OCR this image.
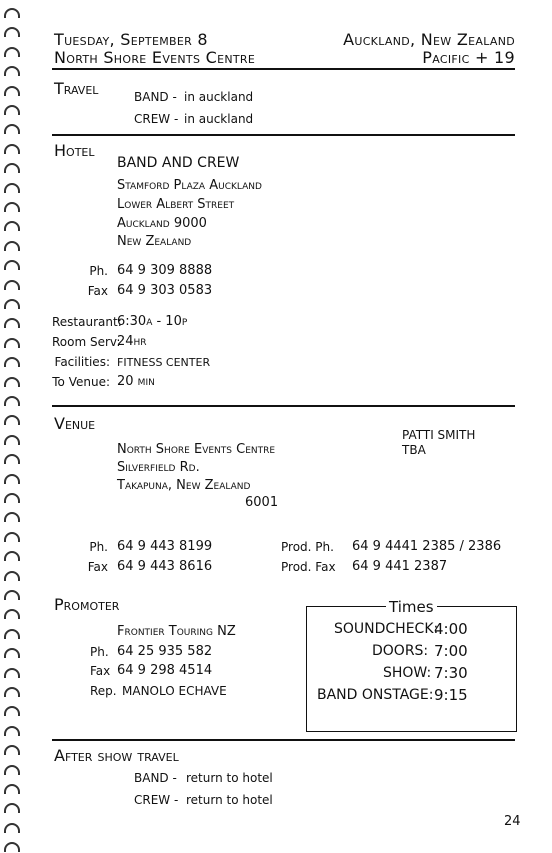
Tuesday, September 8
North Shore Events Centre
Auckland, New Zealand
Pacific + 19
Travel	BAND - in auckland
CREW - in auckland
Hotel
BAND AND CREW
Stamford Plaza Auckland
Lower Albert Street
Auckland 9000
New Zealand
Ph. 64 9 309 8888
Fax 64 9 303 0583
Restaurant:
6:30a - 10p
Room Serv:
24hr
Facilities: FITNESS CENTER
To Venue: 20 min
Venue
PATTI SMITH
TBA
North Shore Events Centre
Silverfield Rd.
Takapuna, New Zealand
6001
Ph. 64 9 443 8199
Fax 64 9 443 8616
Prod. Ph. 64 9 4441 2385 / 2386
Prod. Fax 64 9 441 2387
Promoter
Frontier Touring NZ
Ph. 64 25 935 582
Fax 64 9 298 4514
Rep. MANOLO ECHAVE
Times
SOUNDCHECK:
4:00
DOORS: 7:00
SHOW: 7:30
BAND ONSTAGE: 9:15
After show travel
BAND - return to hotel
CREW - return to hotel
24
